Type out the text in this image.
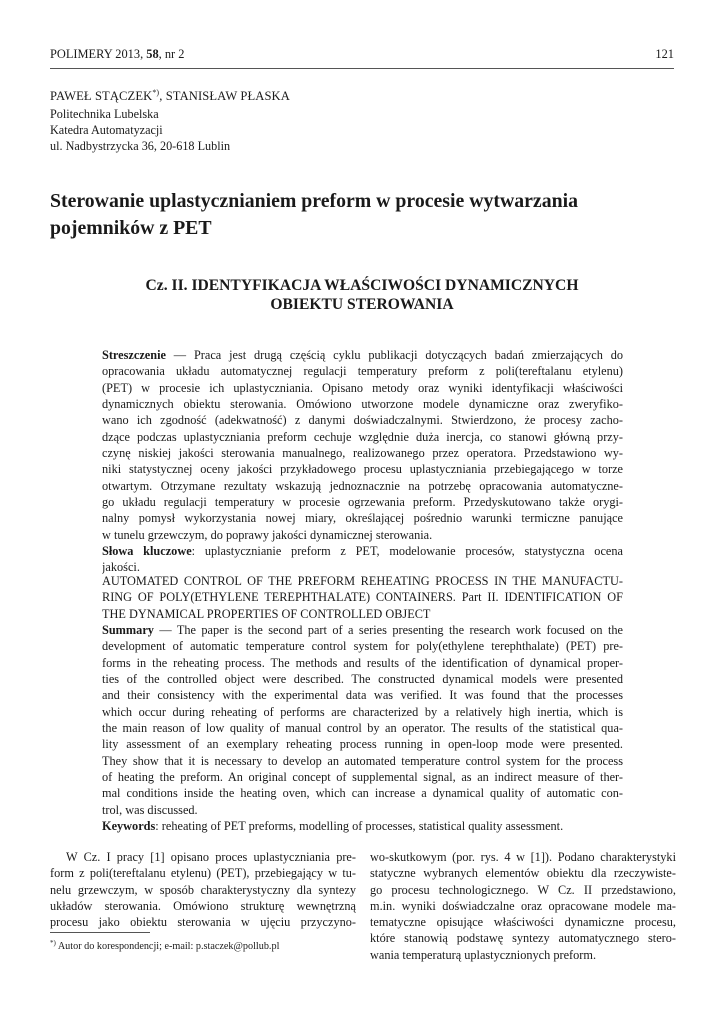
POLIMERY 2013, 58, nr 2	121
PAWEŁ STĄCZEK*), STANISŁAW PŁASKA
Politechnika Lubelska
Katedra Automatyzacji
ul. Nadbystrzycka 36, 20-618 Lublin
Sterowanie uplastycznianiem preform w procesie wytwarzania
pojemników z PET
Cz. II. IDENTYFIKACJA WŁAŚCIWOŚCI DYNAMICZNYCH
OBIEKTU STEROWANIA
Streszczenie — Praca jest drugą częścią cyklu publikacji dotyczących badań zmierzających do
opracowania układu automatycznej regulacji temperatury preform z poli(tereftalanu etylenu)
(PET) w procesie ich uplastyczniania. Opisano metody oraz wyniki identyfikacji właściwości
dynamicznych obiektu sterowania. Omówiono utworzone modele dynamiczne oraz zweryfiko-
wano ich zgodność (adekwatność) z danymi doświadczalnymi. Stwierdzono, że procesy zacho-
dzące podczas uplastyczniania preform cechuje względnie duża inercja, co stanowi główną przy-
czynę niskiej jakości sterowania manualnego, realizowanego przez operatora. Przedstawiono wy-
niki statystycznej oceny jakości przykładowego procesu uplastyczniania przebiegającego w torze
otwartym. Otrzymane rezultaty wskazują jednoznacznie na potrzebę opracowania automatyczne-
go układu regulacji temperatury w procesie ogrzewania preform. Przedyskutowano także orygi-
nalny pomysł wykorzystania nowej miary, określającej pośrednio warunki termiczne panujące
w tunelu grzewczym, do poprawy jakości dynamicznej sterowania.
Słowa kluczowe: uplastycznianie preform z PET, modelowanie procesów, statystyczna ocena
jakości.
AUTOMATED CONTROL OF THE PREFORM REHEATING PROCESS IN THE MANUFACTU-
RING OF POLY(ETHYLENE TEREPHTHALATE) CONTAINERS. Part II. IDENTIFICATION OF
THE DYNAMICAL PROPERTIES OF CONTROLLED OBJECT
Summary — The paper is the second part of a series presenting the research work focused on the
development of automatic temperature control system for poly(ethylene terephthalate) (PET) pre-
forms in the reheating process. The methods and results of the identification of dynamical proper-
ties of the controlled object were described. The constructed dynamical models were presented
and their consistency with the experimental data was verified. It was found that the processes
which occur during reheating of performs are characterized by a relatively high inertia, which is
the main reason of low quality of manual control by an operator. The results of the statistical qua-
lity assessment of an exemplary reheating process running in open-loop mode were presented.
They show that it is necessary to develop an automated temperature control system for the process
of heating the preform. An original concept of supplemental signal, as an indirect measure of ther-
mal conditions inside the heating oven, which can increase a dynamical quality of automatic con-
trol, was discussed.
Keywords: reheating of PET preforms, modelling of processes, statistical quality assessment.
W Cz. I pracy [1] opisano proces uplastyczniania pre-
form z poli(tereftalanu etylenu) (PET), przebiegający w tu-
nelu grzewczym, w sposób charakterystyczny dla syntezy
układów sterowania. Omówiono strukturę wewnętrzną
procesu jako obiektu sterowania w ujęciu przyczyno-
wo-skutkowym (por. rys. 4 w [1]). Podano charakterystyki
statyczne wybranych elementów obiektu dla rzeczywiste-
go procesu technologicznego. W Cz. II przedstawiono,
m.in. wyniki doświadczalne oraz opracowane modele ma-
tematyczne opisujące właściwości dynamiczne procesu,
które stanowią podstawę syntezy automatycznego stero-
wania temperaturą uplastycznionych preform.
*) Autor do korespondencji; e-mail: p.staczek@pollub.pl
